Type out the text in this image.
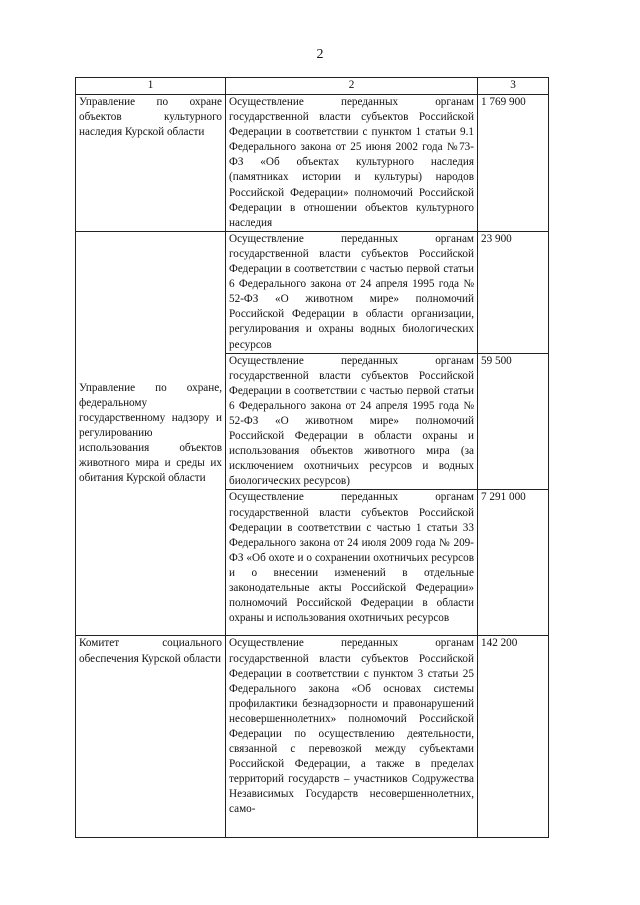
2
1	2	3
Управление по охране объектов культурного наследия Курской области	Осуществление переданных органам государственной власти субъектов Российской Федерации в соответствии с пунктом 1 статьи 9.1 Федерального закона от 25 июня 2002 года №73-ФЗ «Об объектах культурного наследия (памятниках истории и культуры) народов Российской Федерации» полномочий Российской Федерации в отношении объектов культурного наследия	1 769 900
Управление по охране, федеральному государственному надзору и регулированию использования объектов животного мира и среды их обитания Курской области	Осуществление переданных органам государственной власти субъектов Российской Федерации в соответствии с частью первой статьи 6 Федерального закона от 24 апреля 1995 года № 52-ФЗ «О животном мире» полномочий Российской Федерации в области организации, регулирования и охраны водных биологических ресурсов	23 900
	Осуществление переданных органам государственной власти субъектов Российской Федерации в соответствии с частью первой статьи 6 Федерального закона от 24 апреля 1995 года № 52-ФЗ «О животном мире» полномочий Российской Федерации в области охраны и использования объектов животного мира (за исключением охотничьих ресурсов и водных биологических ресурсов)	59 500
	Осуществление переданных органам государственной власти субъектов Российской Федерации в соответствии с частью 1 статьи 33 Федерального закона от 24 июля 2009 года № 209-ФЗ «Об охоте и о сохранении охотничьих ресурсов и о внесении изменений в отдельные законодательные акты Российской Федерации» полномочий Российской Федерации в области охраны и использования охотничьих ресурсов	7 291 000
Комитет социального обеспечения Курской области	Осуществление переданных органам государственной власти субъектов Российской Федерации в соответствии с пунктом 3 статьи 25 Федерального закона «Об основах системы профилактики безнадзорности и правонарушений несовершеннолетних» полномочий Российской Федерации по осуществлению деятельности, связанной с перевозкой между субъектами Российской Федерации, а также в пределах территорий государств – участников Содружества Независимых Государств несовершеннолетних, само-	142 200
